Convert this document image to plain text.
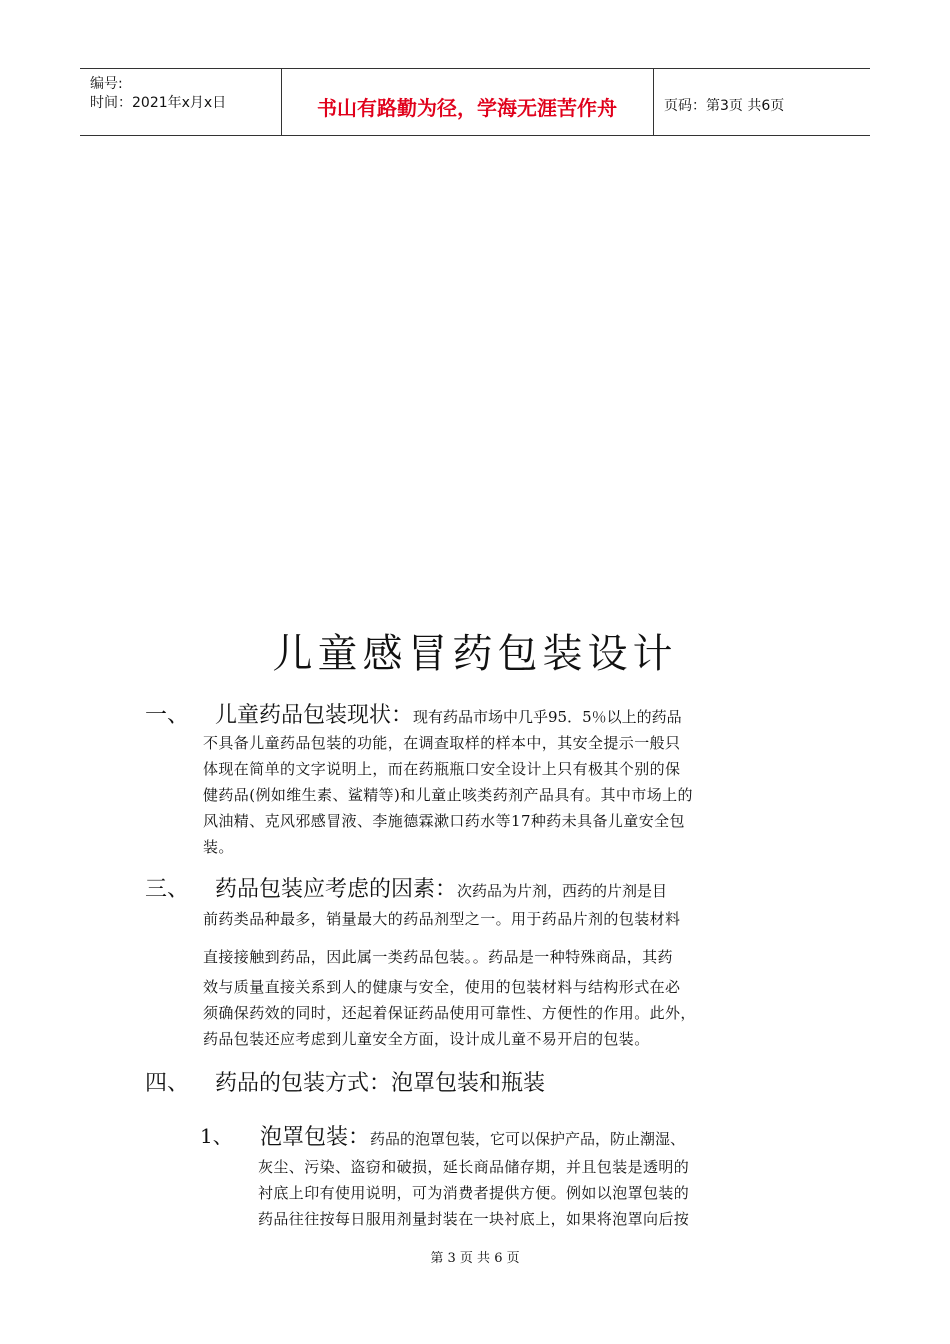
编号:
时间：2021年x月x日	书山有路勤为径，学海无涯苦作舟	页码：第3页 共6页
儿童感冒药包装设计
一、 儿童药品包装现状：现有药品市场中几乎95．5％以上的药品
不具备儿童药品包装的功能，在调查取样的样本中，其安全提示一般只
体现在简单的文字说明上，而在药瓶瓶口安全设计上只有极其个别的保
健药品(例如维生素、鲨精等)和儿童止咳类药剂产品具有。其中市场上的
风油精、克风邪感冒液、李施德霖漱口药水等17种药未具备儿童安全包
装。
三、 药品包装应考虑的因素：次药品为片剂，西药的片剂是目
前药类品种最多，销量最大的药品剂型之一。用于药品片剂的包装材料
直接接触到药品，因此属一类药品包装。。药品是一种特殊商品，其药
效与质量直接关系到人的健康与安全，使用的包装材料与结构形式在必
须确保药效的同时，还起着保证药品使用可靠性、方便性的作用。此外，
药品包装还应考虑到儿童安全方面，设计成儿童不易开启的包装。
四、 药品的包装方式：泡罩包装和瓶装
1、 泡罩包装：药品的泡罩包装，它可以保护产品，防止潮湿、
灰尘、污染、盗窃和破损，延长商品储存期，并且包装是透明的
衬底上印有使用说明，可为消费者提供方便。例如以泡罩包装的
药品往往按每日服用剂量封装在一块衬底上，如果将泡罩向后按
第 3 页 共 6 页
